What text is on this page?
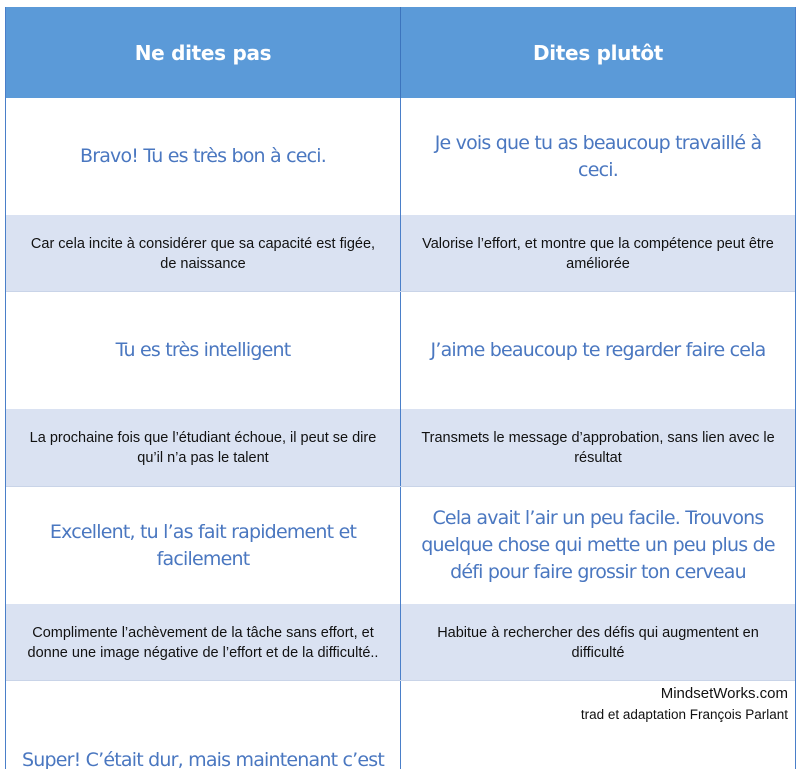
Ne dites pas	Dites plutôt
Bravo! Tu es très bon à ceci.
Je vois que tu as beaucoup travaillé à ceci.
Car cela incite à considérer que sa capacité est figée, de naissance
Valorise l’effort, et montre que la compétence peut être améliorée
Tu es très intelligent	J’aime beaucoup te regarder faire cela
La prochaine fois que l’étudiant échoue, il peut se dire qu’il n’a pas le talent
Transmets le message d’approbation, sans lien avec le résultat
Excellent, tu l’as fait rapidement et facilement
Cela avait l’air un peu facile. Trouvons quelque chose qui mette un peu plus de défi pour faire grossir ton cerveau
Complimente l’achèvement de la tâche sans effort, et donne une image négative de l’effort et de la difficulté..
Habitue à rechercher des défis qui augmentent en difficulté
Super! C’était dur, mais maintenant c’est
MindsetWorks.com
trad et adaptation François Parlant
